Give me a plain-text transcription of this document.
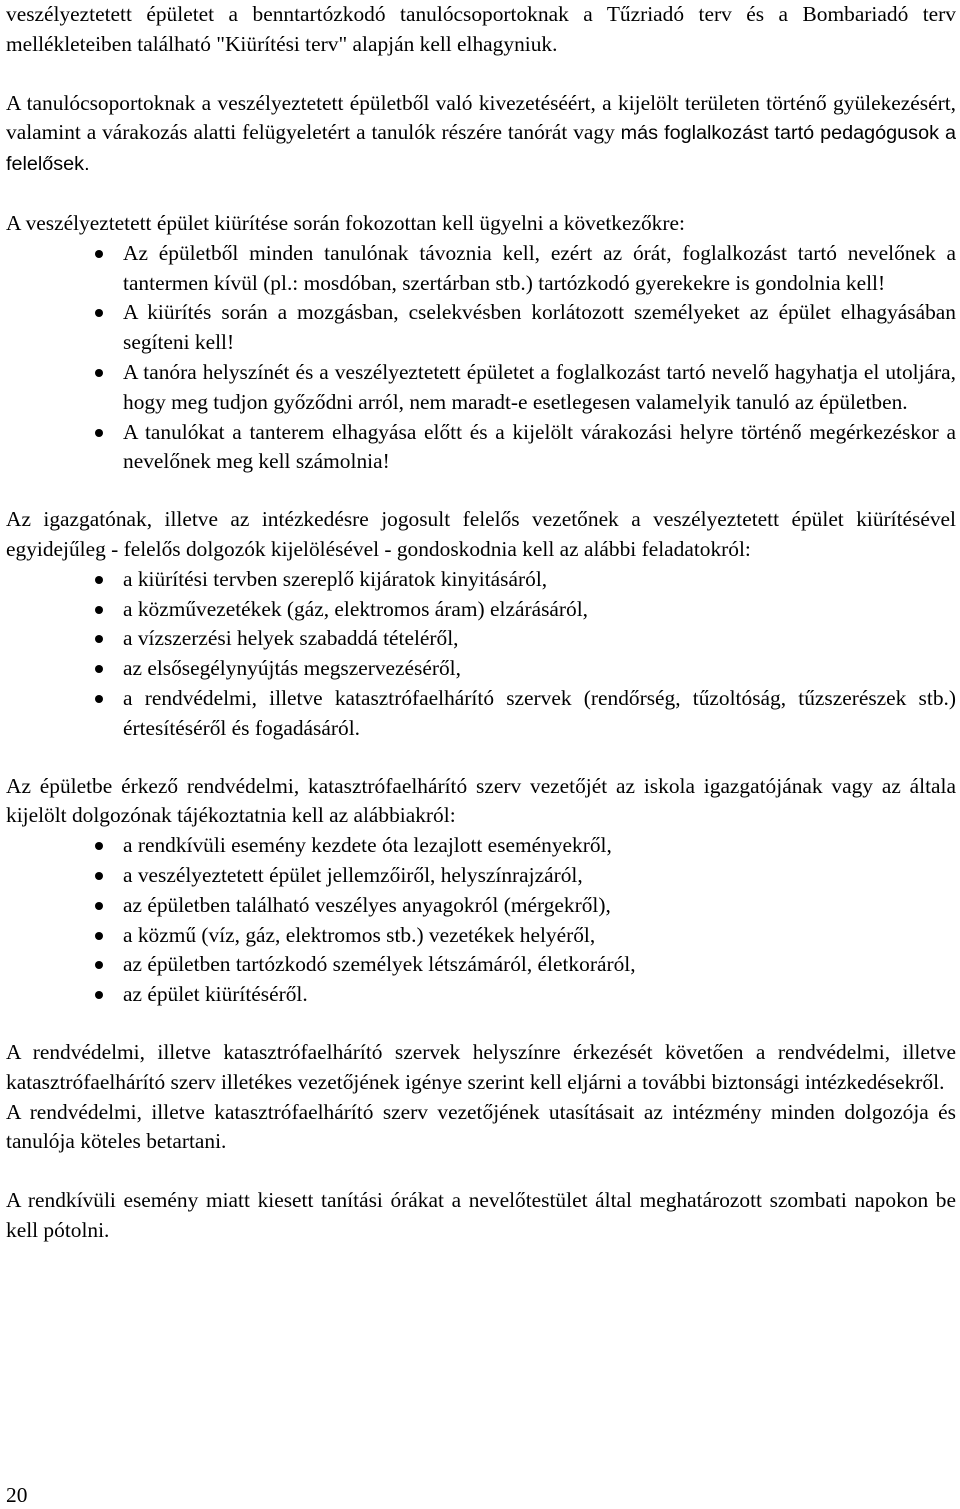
veszélyeztetett épületet a benntartózkodó tanulócsoportoknak a Tűzriadó terv és a Bombariadó terv mellékleteiben található "Kiürítési terv" alapján kell elhagyniuk.

A tanulócsoportoknak a veszélyeztetett épületből való kivezetéséért, a kijelölt területen történő gyülekezésért, valamint a várakozás alatti felügyeletért a tanulók részére tanórát vagy más foglalkozást tartó pedagógusok a felelősek.

A veszélyeztetett épület kiürítése során fokozottan kell ügyelni a következőkre:

Az épületből minden tanulónak távoznia kell, ezért az órát, foglalkozást tartó nevelőnek a tantermen kívül (pl.: mosdóban, szertárban stb.) tartózkodó gyerekekre is gondolnia kell!
A kiürítés során a mozgásban, cselekvésben korlátozott személyeket az épület elhagyásában segíteni kell!
A tanóra helyszínét és a veszélyeztetett épületet a foglalkozást tartó nevelő hagyhatja el utoljára, hogy meg tudjon győződni arról, nem maradt-e esetlegesen valamelyik tanuló az épületben.
A tanulókat a tanterem elhagyása előtt és a kijelölt várakozási helyre történő megérkezéskor a nevelőnek meg kell számolnia!

Az igazgatónak, illetve az intézkedésre jogosult felelős vezetőnek a veszélyeztetett épület kiürítésével egyidejűleg - felelős dolgozók kijelölésével - gondoskodnia kell az alábbi feladatokról:

a kiürítési tervben szereplő kijáratok kinyitásáról,
a közművezetékek (gáz, elektromos áram) elzárásáról,
a vízszerzési helyek szabaddá tételéről,
az elsősegélynyújtás megszervezéséről,
a rendvédelmi, illetve katasztrófaelhárító szervek (rendőrség, tűzoltóság, tűzszerészek stb.) értesítéséről és fogadásáról.

Az épületbe érkező rendvédelmi, katasztrófaelhárító szerv vezetőjét az iskola igazgatójának vagy az általa kijelölt dolgozónak tájékoztatnia kell az alábbiakról:

a rendkívüli esemény kezdete óta lezajlott eseményekről,
a veszélyeztetett épület jellemzőiről, helyszínrajzáról,
az épületben található veszélyes anyagokról (mérgekről),
a közmű (víz, gáz, elektromos stb.) vezetékek helyéről,
az épületben tartózkodó személyek létszámáról, életkoráról,
az épület kiürítéséről.

A rendvédelmi, illetve katasztrófaelhárító szervek helyszínre érkezését követően a rendvédelmi, illetve katasztrófaelhárító szerv illetékes vezetőjének igénye szerint kell eljárni a további biztonsági intézkedésekről.

A rendvédelmi, illetve katasztrófaelhárító szerv vezetőjének utasításait az intézmény minden dolgozója és tanulója köteles betartani.

A rendkívüli esemény miatt kiesett tanítási órákat a nevelőtestület által meghatározott szombati napokon be kell pótolni.

20
